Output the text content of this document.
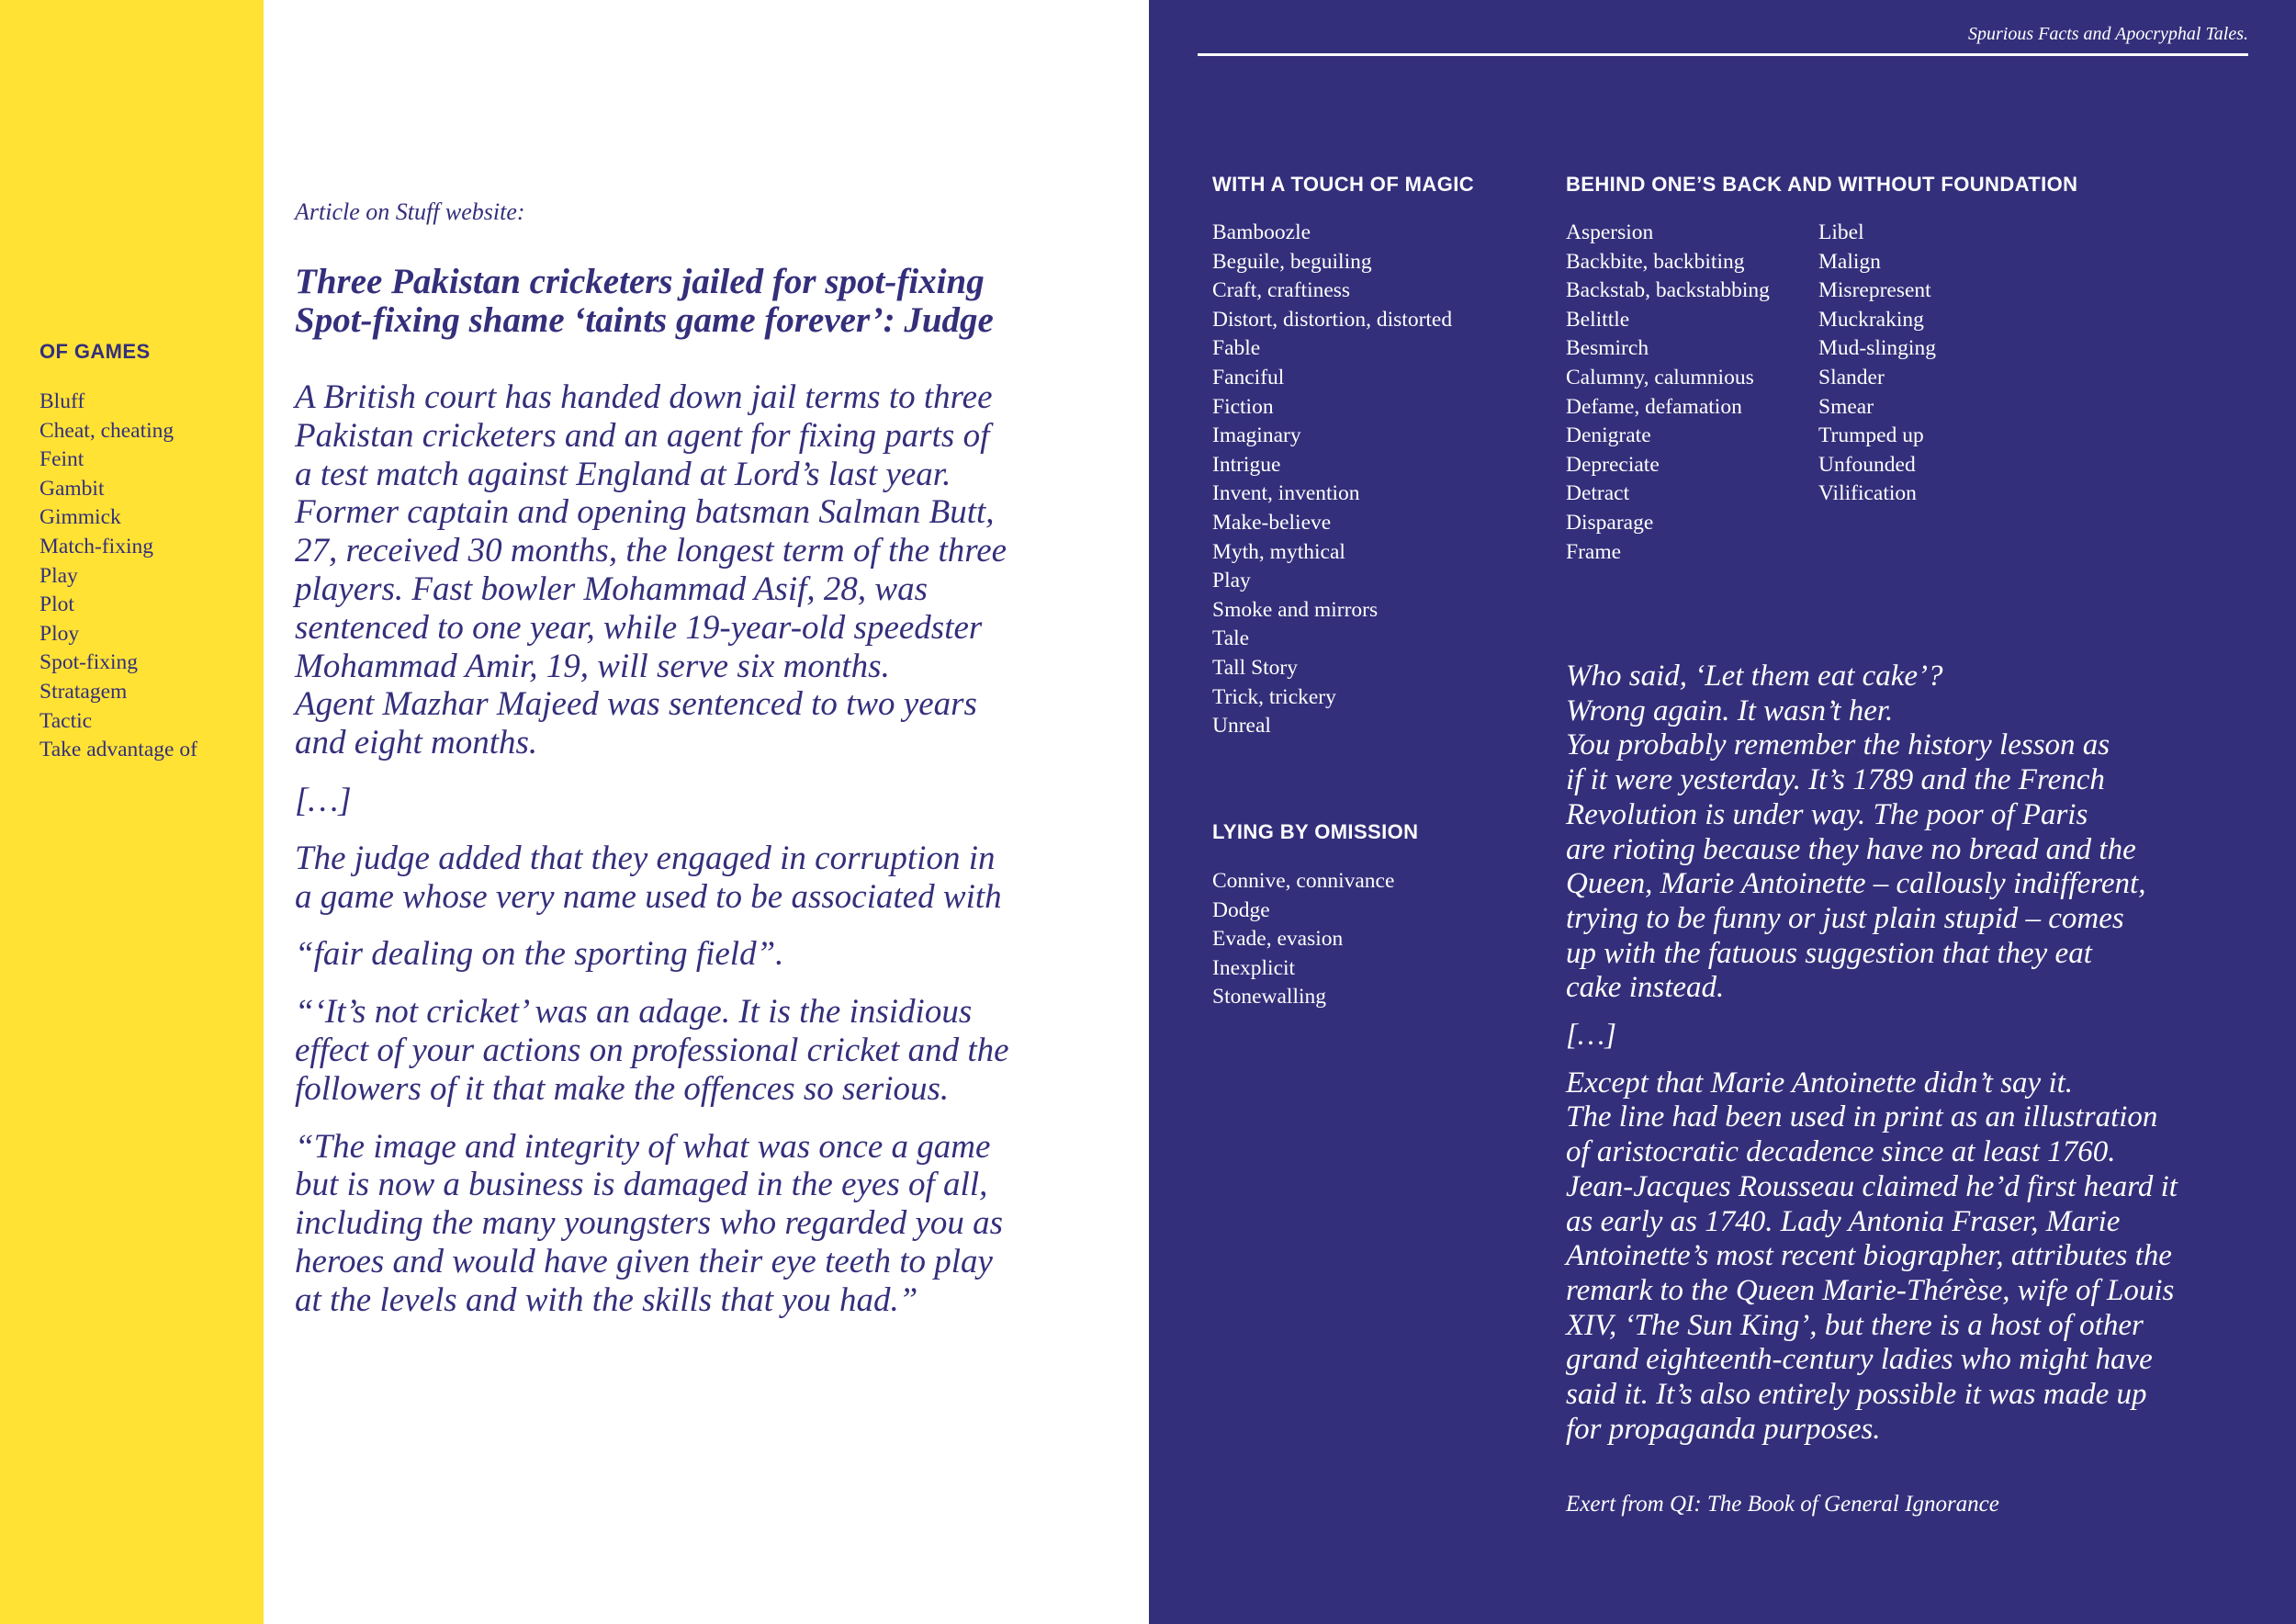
OF GAMES
Bluff
Cheat, cheating
Feint
Gambit
Gimmick
Match-fixing
Play
Plot
Ploy
Spot-fixing
Stratagem
Tactic
Take advantage of

Article on Stuff website:

Three Pakistan cricketers jailed for spot-fixing
Spot-fixing shame ‘taints game forever’: Judge

A British court has handed down jail terms to three
Pakistan cricketers and an agent for fixing parts of
a test match against England at Lord’s last year.
Former captain and opening batsman Salman Butt,
27, received 30 months, the longest term of the three
players. Fast bowler Mohammad Asif, 28, was
sentenced to one year, while 19-year-old speedster
Mohammad Amir, 19, will serve six months.
Agent Mazhar Majeed was sentenced to two years
and eight months.

[…]

The judge added that they engaged in corruption in
a game whose very name used to be associated with

“fair dealing on the sporting field”.

“‘It’s not cricket’ was an adage. It is the insidious
effect of your actions on professional cricket and the
followers of it that make the offences so serious.

“The image and integrity of what was once a game
but is now a business is damaged in the eyes of all,
including the many youngsters who regarded you as
heroes and would have given their eye teeth to play
at the levels and with the skills that you had.”

Spurious Facts and Apocryphal Tales.

WITH A TOUCH OF MAGIC
Bamboozle
Beguile, beguiling
Craft, craftiness
Distort, distortion, distorted
Fable
Fanciful
Fiction
Imaginary
Intrigue
Invent, invention
Make-believe
Myth, mythical
Play
Smoke and mirrors
Tale
Tall Story
Trick, trickery
Unreal
LYING BY OMISSION
Connive, connivance
Dodge
Evade, evasion
Inexplicit
Stonewalling
BEHIND ONE’S BACK AND WITHOUT FOUNDATION
Aspersion
Backbite, backbiting
Backstab, backstabbing
Belittle
Besmirch
Calumny, calumnious
Defame, defamation
Denigrate
Depreciate
Detract
Disparage
Frame
Libel
Malign
Misrepresent
Muckraking
Mud-slinging
Slander
Smear
Trumped up
Unfounded
Vilification

Who said, ‘Let them eat cake’?
Wrong again. It wasn’t her.
You probably remember the history lesson as
if it were yesterday. It’s 1789 and the French
Revolution is under way. The poor of Paris
are rioting because they have no bread and the
Queen, Marie Antoinette – callously indifferent,
trying to be funny or just plain stupid – comes
up with the fatuous suggestion that they eat
cake instead.

[…]

Except that Marie Antoinette didn’t say it.
The line had been used in print as an illustration
of aristocratic decadence since at least 1760.
Jean-Jacques Rousseau claimed he’d first heard it
as early as 1740. Lady Antonia Fraser, Marie
Antoinette’s most recent biographer, attributes the
remark to the Queen Marie-Thérèse, wife of Louis
XIV, ‘The Sun King’, but there is a host of other
grand eighteenth-century ladies who might have
said it. It’s also entirely possible it was made up
for propaganda purposes.

Exert from QI: The Book of General Ignorance
